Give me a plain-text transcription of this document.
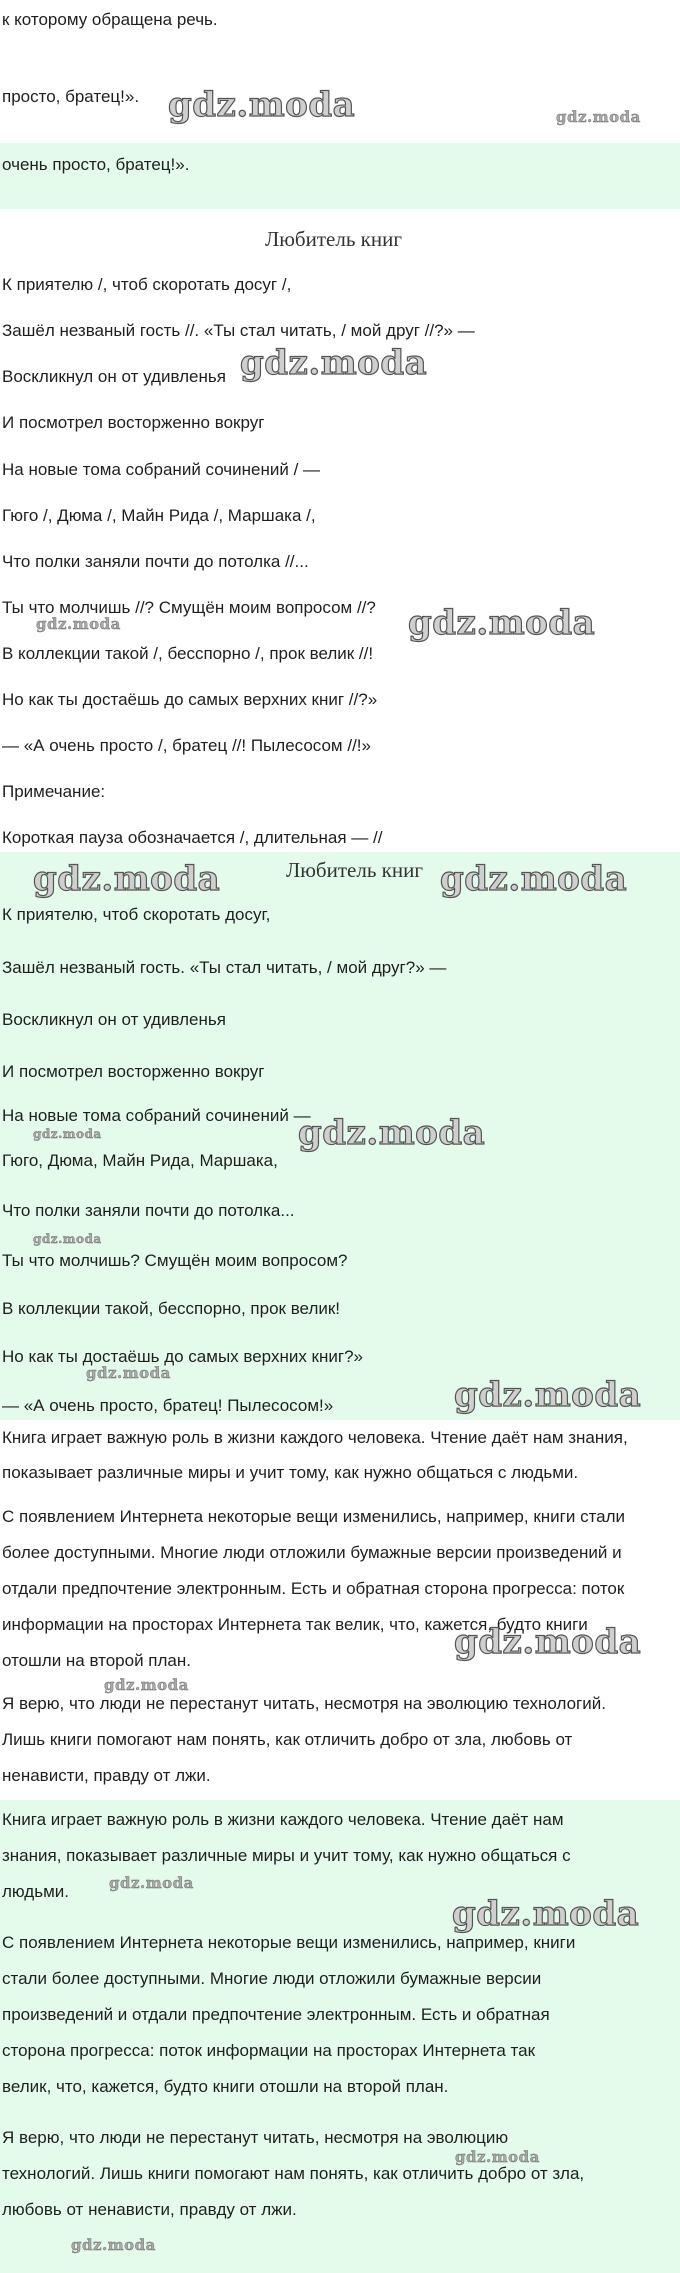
к которому обращена речь.
просто, братец!».
очень просто, братец!».
Любитель книг
К приятелю /, чтоб скоротать досуг /,
Зашёл незваный гость //. «Ты стал читать, / мой друг //?» —
Воскликнул он от удивленья
И посмотрел восторженно вокруг
На новые тома собраний сочинений / —
Гюго /, Дюма /, Майн Рида /, Маршака /,
Что полки заняли почти до потолка //...
Ты что молчишь //? Смущён моим вопросом //?
В коллекции такой /, бесспорно /, прок велик //!
Но как ты достаёшь до самых верхних книг //?»
— «А очень просто /, братец //! Пылесосом //!»
Примечание:
Короткая пауза обозначается /, длительная — //
Любитель книг
К приятелю, чтоб скоротать досуг,
Зашёл незваный гость. «Ты стал читать, / мой друг?» —
Воскликнул он от удивленья
И посмотрел восторженно вокруг
На новые тома собраний сочинений —
Гюго, Дюма, Майн Рида, Маршака,
Что полки заняли почти до потолка...
Ты что молчишь? Смущён моим вопросом?
В коллекции такой, бесспорно, прок велик!
Но как ты достаёшь до самых верхних книг?»
— «А очень просто, братец! Пылесосом!»
Книга играет важную роль в жизни каждого человека. Чтение даёт нам знания,
показывает различные миры и учит тому, как нужно общаться с людьми.
С появлением Интернета некоторые вещи изменились, например, книги стали
более доступными. Многие люди отложили бумажные версии произведений и
отдали предпочтение электронным. Есть и обратная сторона прогресса: поток
информации на просторах Интернета так велик, что, кажется, будто книги
отошли на второй план.
Я верю, что люди не перестанут читать, несмотря на эволюцию технологий.
Лишь книги помогают нам понять, как отличить добро от зла, любовь от
ненависти, правду от лжи.
Книга играет важную роль в жизни каждого человека. Чтение даёт нам
знания, показывает различные миры и учит тому, как нужно общаться с
людьми.
С появлением Интернета некоторые вещи изменились, например, книги
стали более доступными. Многие люди отложили бумажные версии
произведений и отдали предпочтение электронным. Есть и обратная
сторона прогресса: поток информации на просторах Интернета так
велик, что, кажется, будто книги отошли на второй план.
Я верю, что люди не перестанут читать, несмотря на эволюцию
технологий. Лишь книги помогают нам понять, как отличить добро от зла,
любовь от ненависти, правду от лжи.
gdz.moda	gdz.moda
gdz.moda
gdz.moda	gdz.moda
gdz.moda	gdz.moda
gdz.moda	gdz.moda
gdz.moda
gdz.moda
gdz.moda
gdz.moda
gdz.moda
gdz.moda
gdz.moda
gdz.moda
gdz.moda
